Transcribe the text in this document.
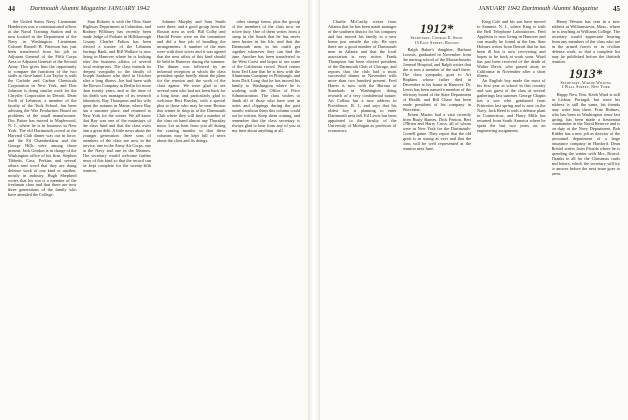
44 Dartmouth Alumni Magazine JANUARY 1942

the United States Navy. Lieutenant Henderson was a commissioned officer at the Naval Training Station and is now located in the Department of the Navy in Washington. Lieutenant Colonel Russell R. Paterson has just been transferred from his job as Adjutant General of the Fifth Corps Area to Adjutant General of the Second Army. This gives him the opportunity to compare the functions of the two staffs at close hand. Lou Taylor is with the Carbide and Carbon Chemicals Corporation in New York, and Don Johnson is doing similar work for the Chrysler Corporation in Detroit. Dean Swift of Lebanon, a member of the faculty of the Tuck School, has been advising the War Production Board on problems of the small manufacturer. Doc Pattee has moved to Maplewood, N. J., where he is in business in New York. The old Dartmouth crowd at the Harvard Club dinner was out in force, and the Ed Chamberlains and the George Hills were among those present. Jack Gordon is in charge of the Washington office of his firm. Stephen Tibbetts, Cass, Perkins and several others sent word that they are doing defense work of one kind or another, mostly in industry. Hugh Shepherd writes that his son is a member of the freshman class and that there are now three generations of the family who have attended the College.

Sam Roberts is with the Ohio State Highway Department at Columbus, and Rodney Pillsbury has recently been made Judge of Probate in Hillsborough County. Charles Fulton has been elected a trustee of the Lebanon Savings Bank, and Bill Wallace is now living in Hanover where he is looking after the business affairs of several local enterprises. The class extends its deepest sympathy to the family of Joseph Sanborn who died in October after a long illness. Joe had been with the Brown Company in Berlin for more than twenty years, and at the time of his death was manager of its research laboratory. Ray Thompson and his wife spent the autumn in Maine, where Ray has a summer place, and returned to New York for the winter. We all know that Ray was one of the mainstays of the class fund and that the class owes him a great debt. A little news about the younger generation: three sons of members of the class are now in the service, one in the Army Air Corps, one in the Navy and one in the Marines. The secretary would welcome further news of this kind so that the record can be kept complete for the twenty-fifth reunion.

Johnnie Murphy and Sam Smith were there, and a good group from the Boston area as well. Bill Colby and Harold Foster were on the committee and did a fine job of handling the arrangements. A number of the men were with their wives and it was agreed that the next affair of this kind should be held in Hanover during the summer. The dinner was followed by an informal reception at which the class president spoke briefly about the plans for the reunion and the work of the class agents. We were glad to see several men who had not been back for a long time, and particularly glad to welcome Bert Barclay, with a special plea to those who may be near Boston this winter to drop in at the Dartmouth Club where they will find a number of the class on hand almost any Thursday noon. Let us hear from you all during the coming months so that these columns may be kept full of news about the class and its doings.

other strange items, plus the gossip of the members of the class now on active duty. One of them writes from a camp in the South that he has never been busier in his life, and that the Dartmouth men in his outfit get together whenever they can find the time. Another has been transferred to the West Coast and hopes to see some of the California crowd. Word comes from Ted Lane that he is now with the Aluminum Company in Pittsburgh, and from Dick Long that he has moved his family to Washington where he is working with the Office of Price Administration. The class wishes to thank all of those who have sent in notes and clippings during the past month; without them this column could not be written. Keep them coming, and remember that the class secretary is always glad to hear from any of you at any time about anything at all.

JANUARY 1942 Dartmouth Alumni Magazine 45

Charlie McCarthy writes from Atlanta that he has been made manager of the southern district for his company and has moved his family to a new home just outside the city. He says there are a good number of Dartmouth men in Atlanta and that the local association is very active. Frank Thompson has been elected president of the Dartmouth Club of Chicago, and reports that the club had a most successful dinner in November with more than two hundred present. Fred Harris is now with the Bureau of Standards in Washington doing research of a very confidential nature. Art Collins has a new address in Providence, R. I., and says that his oldest boy is planning to enter Dartmouth next fall. Ed Lewis has been appointed to the faculty of the University of Michigan as professor of economics.

1912*
Secretary, Conrad E. Snow
15 East Street, Boston

Ralph Baker's daughter, Barbara Loomis, graduated in November from the nursing school of the Massachusetts General Hospital, and Ralph writes that she is now a member of the staff there. The class sympathy goes to Art Hopkins whose father died in December at his home in Hanover. Dr. Lewis has been named a member of the advisory board of the State Department of Health, and Bill Chase has been made president of his company in Worcester.

Ernest Martin had a visit recently from Rusty Barnes, Dick Fenton, Bert O'Brien and Harry Cross, all of whom were in New York for the Dartmouth-Cornell game. They report that the old spirit is as strong as ever and that the class will be well represented at the reunion next June.

King Cole and his son have moved to Summit, N. J., where King is with the Bell Telephone Laboratories. Fred Appleton is now living in Hanover and can usually be found at the Inn. Stan Holmes writes from Detroit that he has been ill but is now recovering and hopes to be back at work soon. Word has just been received of the death of Walter Davis, who passed away in California in November after a short illness.

An English boy made the most of his first year at school in this country and was guest of the class at several gatherings last summer. George Chapin has a son who graduated from Princeton last spring and is now in the Navy. Jack Reed is with a defense plant in Connecticut, and Harry Mills has returned from South America where he spent the last two years on an engineering assignment.

Henry Weston has sent in a new address at Williamstown, Mass., where he is teaching at Williams College. The secretary would appreciate hearing from any members of the class who are in the armed forces or in civilian defense work, so that a complete list may be published before the thirtieth reunion.

1913*
Secretary, Warde Wilkins
1 Wall Street, New York

Happy New Year. Keith Ward is still in Lisbon, Portugal, but since his address is still the same, his friends may write him there. Fritz Holmes, who has been in Washington since last spring, has been made a lieutenant commander in the Naval Reserve and is on duty at the Navy Department. Bob Kidder has a new job as director of the personnel department of a large insurance company in Hartford. Dean Bristol writes from Florida where he is spending the winter with Mrs. Bristol. Thanks to all for the Christmas cards and letters, which the secretary will try to answer before the next issue goes to press.
